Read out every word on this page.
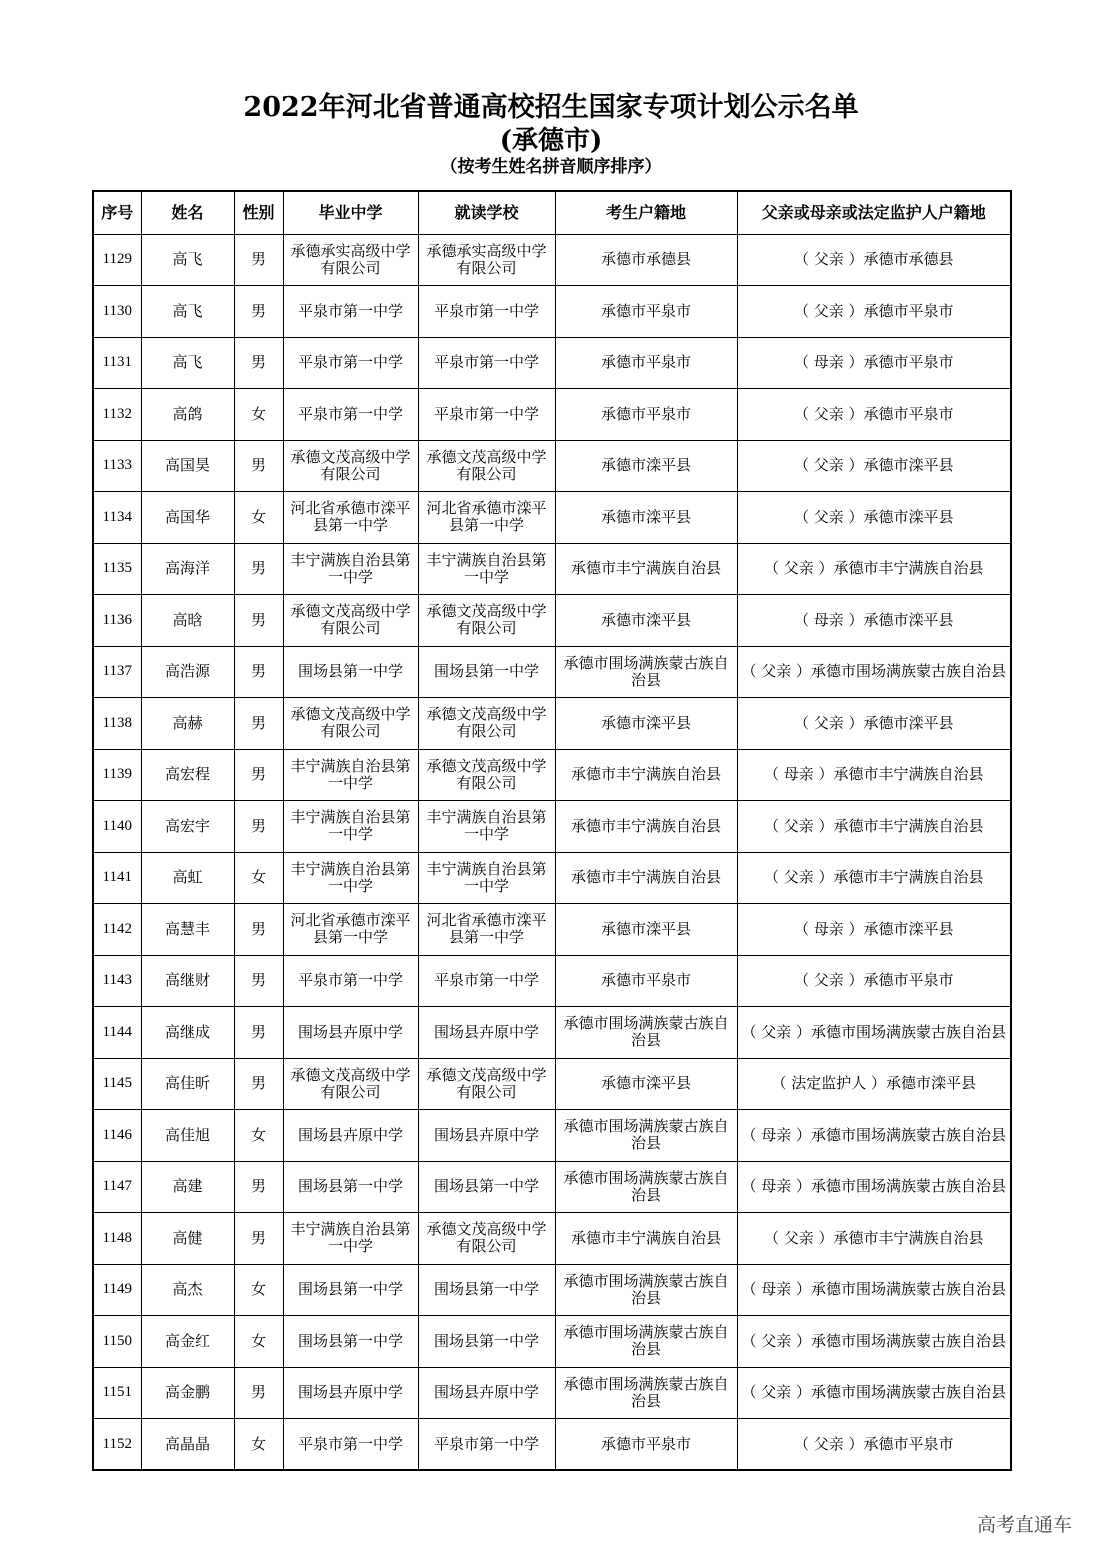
2022年河北省普通高校招生国家专项计划公示名单
(承德市)
（按考生姓名拼音顺序排序）
序号	姓名	性别	毕业中学	就读学校	考生户籍地	父亲或母亲或法定监护人户籍地
1129	高飞	男	承德承实高级中学有限公司	承德承实高级中学有限公司	承德市承德县	（ 父亲 ）承德市承德县
1130	高飞	男	平泉市第一中学	平泉市第一中学	承德市平泉市	（ 父亲 ）承德市平泉市
1131	高飞	男	平泉市第一中学	平泉市第一中学	承德市平泉市	（ 母亲 ）承德市平泉市
1132	高鸽	女	平泉市第一中学	平泉市第一中学	承德市平泉市	（ 父亲 ）承德市平泉市
1133	高国昊	男	承德文茂高级中学有限公司	承德文茂高级中学有限公司	承德市滦平县	（ 父亲 ）承德市滦平县
1134	高国华	女	河北省承德市滦平县第一中学	河北省承德市滦平县第一中学	承德市滦平县	（ 父亲 ）承德市滦平县
1135	高海洋	男	丰宁满族自治县第一中学	丰宁满族自治县第一中学	承德市丰宁满族自治县	（ 父亲 ）承德市丰宁满族自治县
1136	高晗	男	承德文茂高级中学有限公司	承德文茂高级中学有限公司	承德市滦平县	（ 母亲 ）承德市滦平县
1137	高浩源	男	围场县第一中学	围场县第一中学	承德市围场满族蒙古族自治县	（ 父亲 ）承德市围场满族蒙古族自治县
1138	高赫	男	承德文茂高级中学有限公司	承德文茂高级中学有限公司	承德市滦平县	（ 父亲 ）承德市滦平县
1139	高宏程	男	丰宁满族自治县第一中学	承德文茂高级中学有限公司	承德市丰宁满族自治县	（ 母亲 ）承德市丰宁满族自治县
1140	高宏宇	男	丰宁满族自治县第一中学	丰宁满族自治县第一中学	承德市丰宁满族自治县	（ 父亲 ）承德市丰宁满族自治县
1141	高虹	女	丰宁满族自治县第一中学	丰宁满族自治县第一中学	承德市丰宁满族自治县	（ 父亲 ）承德市丰宁满族自治县
1142	高慧丰	男	河北省承德市滦平县第一中学	河北省承德市滦平县第一中学	承德市滦平县	（ 母亲 ）承德市滦平县
1143	高继财	男	平泉市第一中学	平泉市第一中学	承德市平泉市	（ 父亲 ）承德市平泉市
1144	高继成	男	围场县卉原中学	围场县卉原中学	承德市围场满族蒙古族自治县	（ 父亲 ）承德市围场满族蒙古族自治县
1145	高佳昕	男	承德文茂高级中学有限公司	承德文茂高级中学有限公司	承德市滦平县	（ 法定监护人 ）承德市滦平县
1146	高佳旭	女	围场县卉原中学	围场县卉原中学	承德市围场满族蒙古族自治县	（ 母亲 ）承德市围场满族蒙古族自治县
1147	高建	男	围场县第一中学	围场县第一中学	承德市围场满族蒙古族自治县	（ 母亲 ）承德市围场满族蒙古族自治县
1148	高健	男	丰宁满族自治县第一中学	承德文茂高级中学有限公司	承德市丰宁满族自治县	（ 父亲 ）承德市丰宁满族自治县
1149	高杰	女	围场县第一中学	围场县第一中学	承德市围场满族蒙古族自治县	（ 母亲 ）承德市围场满族蒙古族自治县
1150	高金红	女	围场县第一中学	围场县第一中学	承德市围场满族蒙古族自治县	（ 父亲 ）承德市围场满族蒙古族自治县
1151	高金鹏	男	围场县卉原中学	围场县卉原中学	承德市围场满族蒙古族自治县	（ 父亲 ）承德市围场满族蒙古族自治县
1152	高晶晶	女	平泉市第一中学	平泉市第一中学	承德市平泉市	（ 父亲 ）承德市平泉市
高考直通车
